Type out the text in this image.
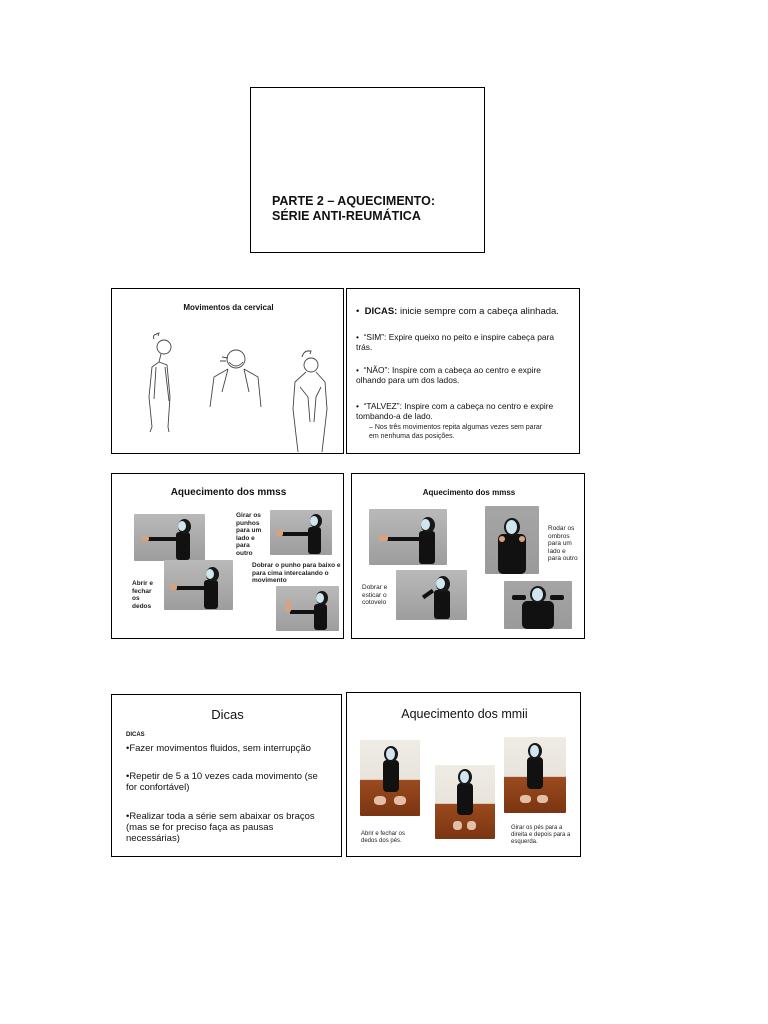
PARTE 2 – AQUECIMENTO:
SÉRIE ANTI-REUMÁTICA
Movimentos da cervical	•  DICAS: inicie sempre com a cabeça alinhada.
•  “SIM”: Expire queixo no peito e inspire cabeça para trás.
•  “NÃO”: Inspire com a cabeça ao centro e expire olhando para um dos lados.
•  “TALVEZ”: Inspire com a cabeça no centro e expire tombando-a de lado.
– Nos três movimentos repita algumas vezes sem parar em nenhuma das posições.
Aquecimento dos mmss
Girar os punhos para um lado e para outro
Dobrar o punho para baixo e para cima intercalando o movimento
Abrir e fechar os dedos
Aquecimento dos mmss
Rodar os ombros para um lado e para outro
Dobrar e esticar o cotovelo
Dicas
DICAS
•Fazer movimentos fluidos, sem interrupção
•Repetir de 5 a 10 vezes cada movimento (se for confortável)
•Realizar toda a série sem abaixar os braços (mas se for preciso faça as pausas necessárias)
Aquecimento dos mmii
Abrir e fechar os dedos dos pés.
Girar os pés para a direita e depois para a esquerda.
